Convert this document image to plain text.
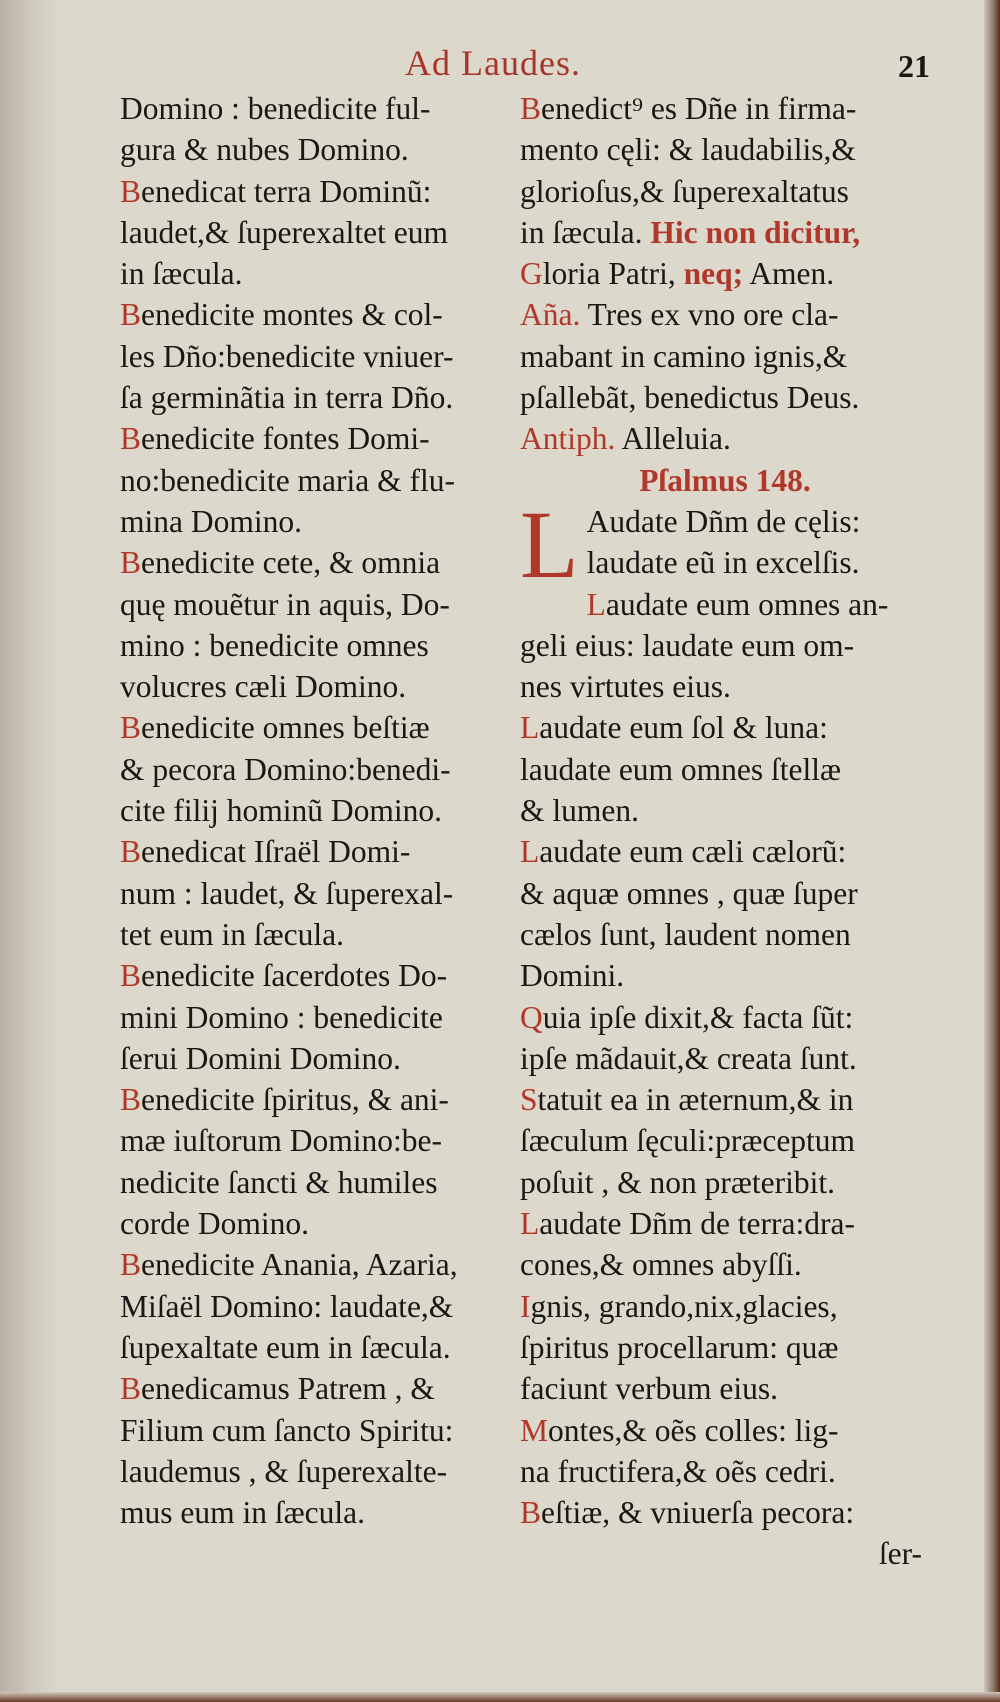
Ad Laudes.	21
Domino : benedicite ful-
gura & nubes Domino.
Benedicat terra Dominũ:
laudet,& ſuperexaltet eum
in ſæcula.
Benedicite montes & col-
les Dño:benedicite vniuer-
ſa germinãtia in terra Dño.
Benedicite fontes Domi-
no:benedicite maria & flu-
mina Domino.
Benedicite cete, & omnia
quę mouẽtur in aquis, Do-
mino : benedicite omnes
volucres cæli Domino.
Benedicite omnes beſtiæ
& pecora Domino:benedi-
cite filij hominũ Domino.
Benedicat Iſraël Domi-
num : laudet, & ſuperexal-
tet eum in ſæcula.
Benedicite ſacerdotes Do-
mini Domino : benedicite
ſerui Domini Domino.
Benedicite ſpiritus, & ani-
mæ iuſtorum Domino:be-
nedicite ſancti & humiles
corde Domino.
Benedicite Anania, Azaria,
Miſaël Domino: laudate,&
ſupexaltate eum in ſæcula.
Benedicamus Patrem , &
Filium cum ſancto Spiritu:
laudemus , & ſuperexalte-
mus eum in ſæcula.
Benedict⁹ es Dñe in firma-
mento cęli: & laudabilis,&
glorioſus,& ſuperexaltatus
in ſæcula. Hic non dicitur,
Gloria Patri, neq; Amen.
Aña. Tres ex vno ore cla-
mabant in camino ignis,&
pſallebãt, benedictus Deus.
Antiph. Alleluia.
Pſalmus 148.
L Audate Dñm de cęlis:
laudate eũ in excelſis.
Laudate eum omnes an-
geli eius: laudate eum om-
nes virtutes eius.
Laudate eum ſol & luna:
laudate eum omnes ſtellæ
& lumen.
Laudate eum cæli cælorũ:
& aquæ omnes , quæ ſuper
cælos ſunt, laudent nomen
Domini.
Quia ipſe dixit,& facta ſũt:
ipſe mãdauit,& creata ſunt.
Statuit ea in æternum,& in
ſæculum ſęculi:præceptum
poſuit , & non præteribit.
Laudate Dñm de terra:dra-
cones,& omnes abyſſi.
Ignis, grando,nix,glacies,
ſpiritus procellarum: quæ
faciunt verbum eius.
Montes,& oẽs colles: lig-
na fructifera,& oẽs cedri.
Beſtiæ, & vniuerſa pecora:
ſer-
